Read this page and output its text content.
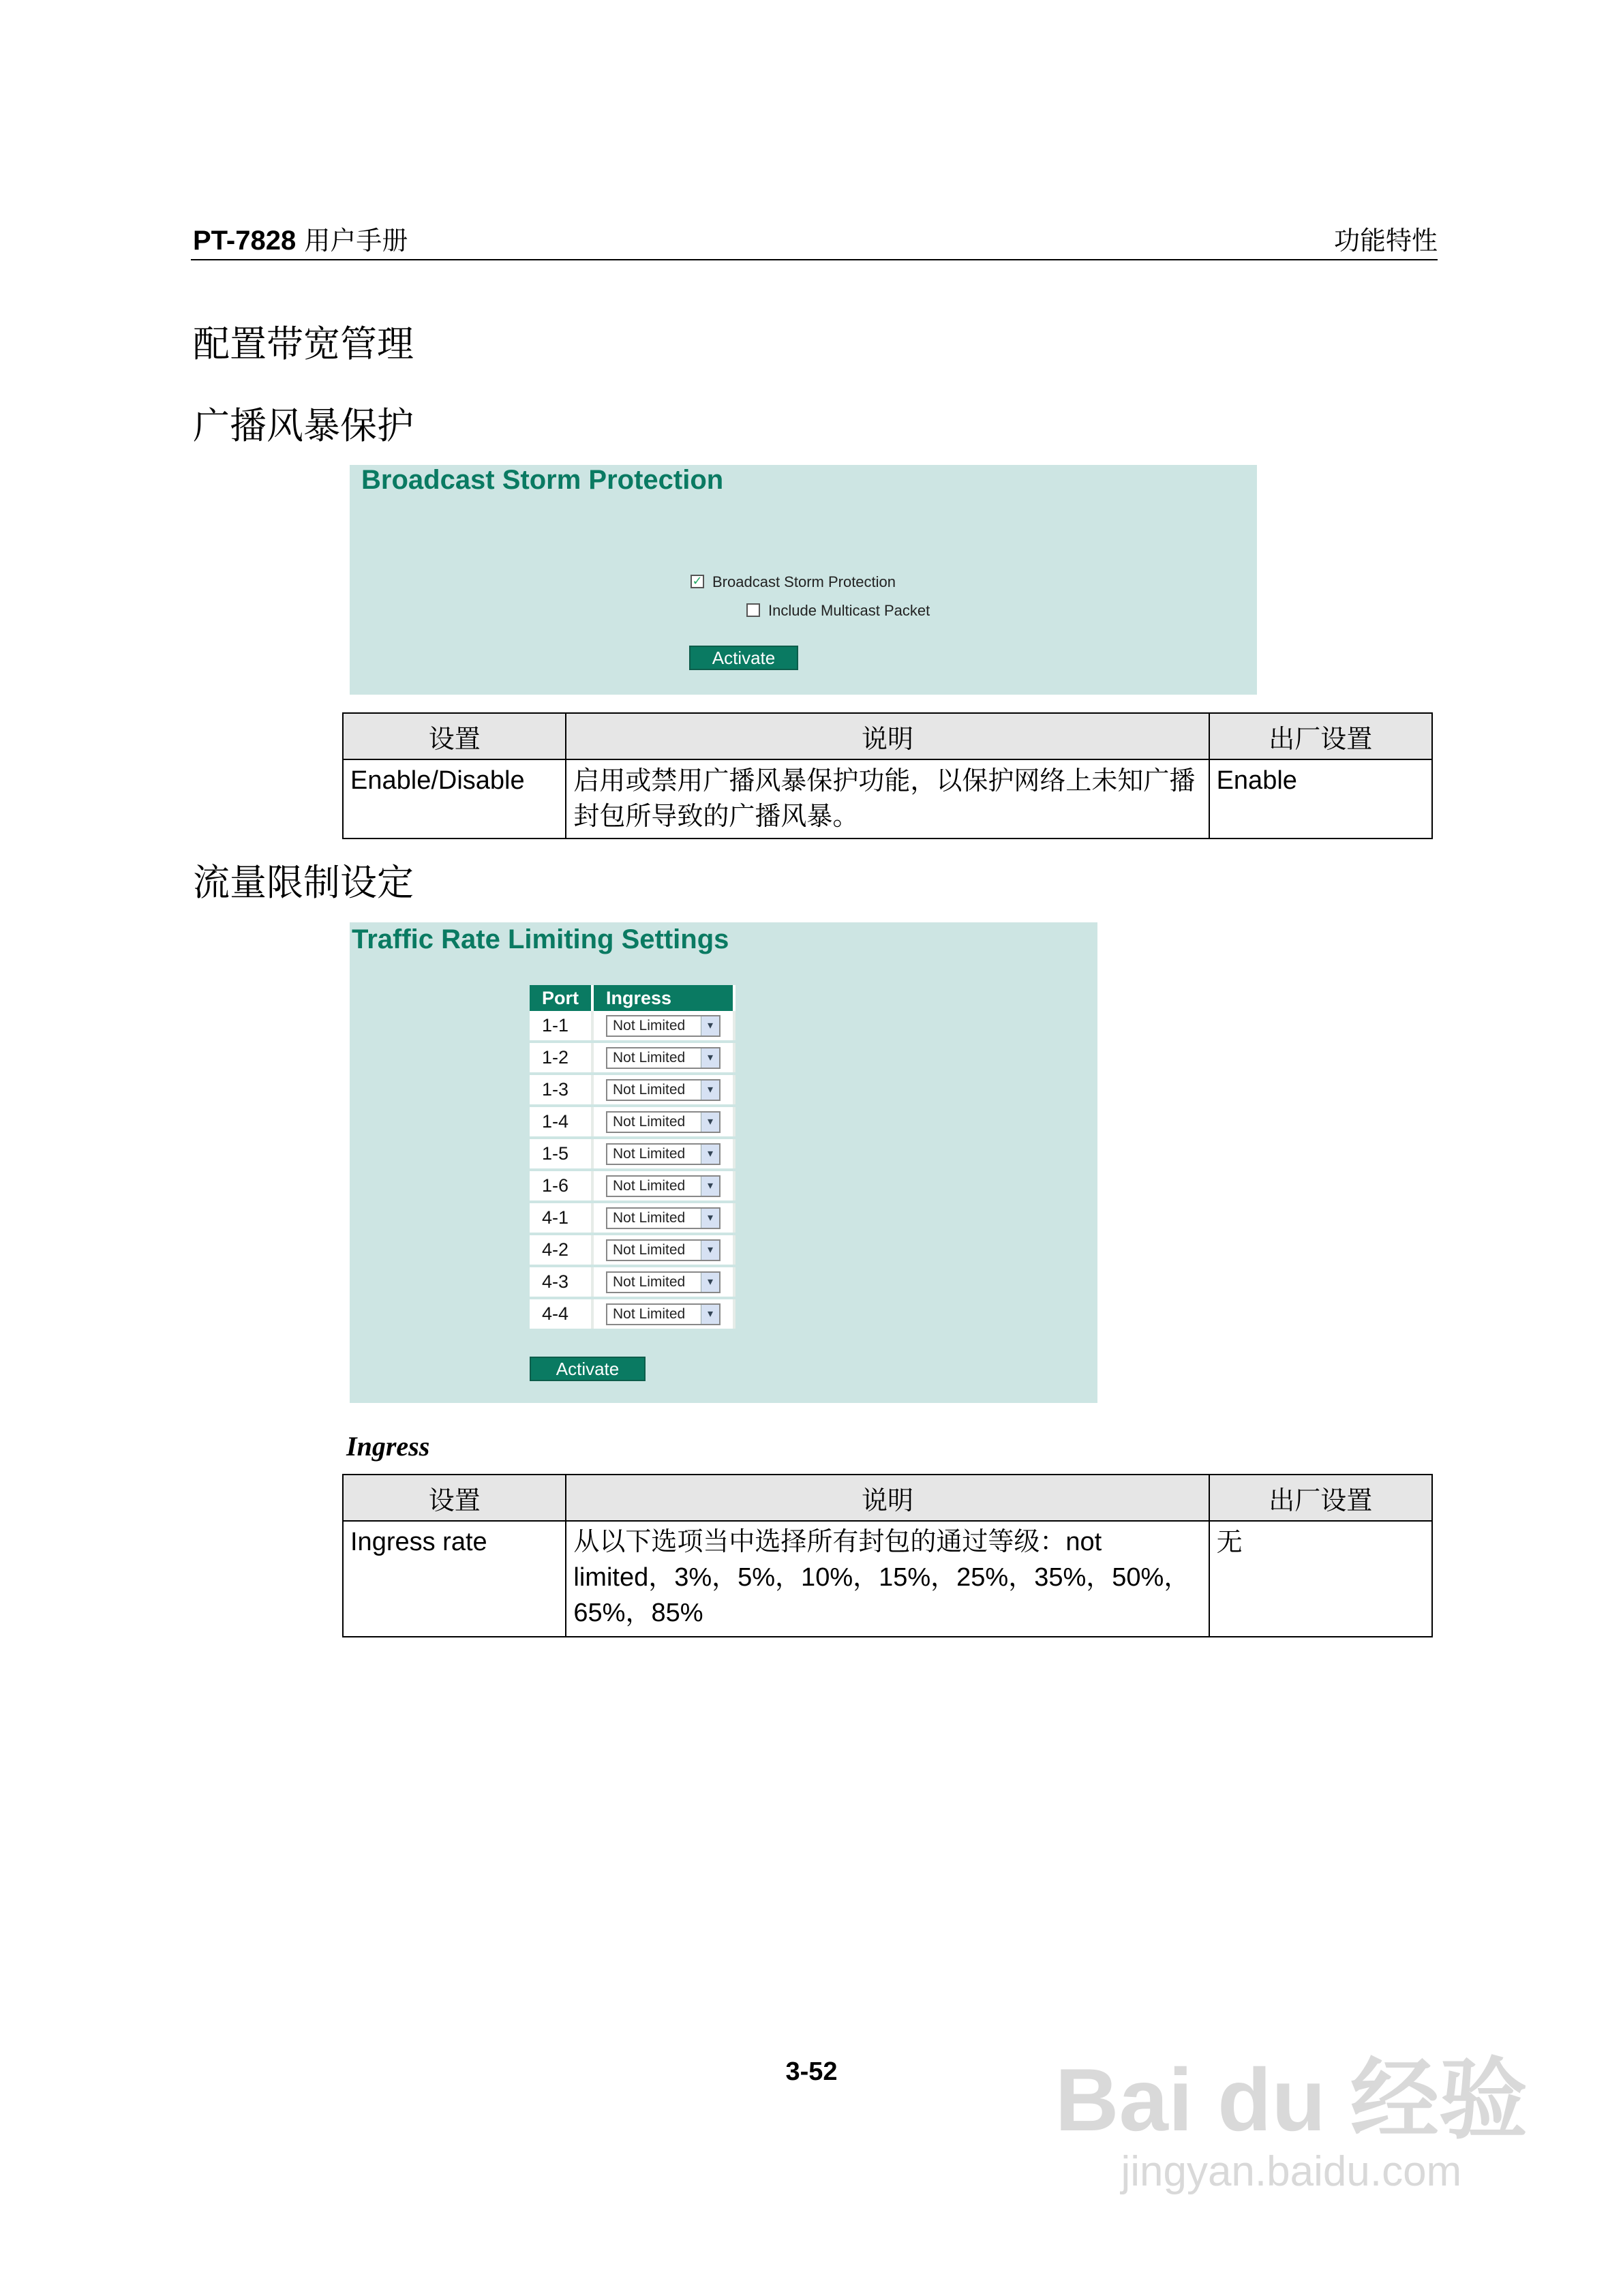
PT-7828 用户手册	功能特性
配置带宽管理
广播风暴保护
Broadcast Storm Protection
✓ Broadcast Storm Protection
Include Multicast Packet
Activate
设置	说明	出厂设置
Enable/Disable	启用或禁用广播风暴保护功能，以保护网络上未知广播封包所导致的广播风暴。	Enable
流量限制设定
Traffic Rate Limiting Settings
Port	Ingress
1-1	Not Limited ▾

1-2	Not Limited ▾

1-3	Not Limited ▾

1-4	Not Limited ▾

1-5	Not Limited ▾

1-6	Not Limited ▾

4-1	Not Limited ▾

4-2	Not Limited ▾

4-3	Not Limited ▾

4-4	Not Limited ▾
Activate
Ingress
设置	说明	出厂设置
Ingress rate	从以下选项当中选择所有封包的通过等级：not limited，3%，5%，10%，15%，25%，35%，50%，65%，85%	无
3-52	Bai du 经验
jingyan.baidu.com
